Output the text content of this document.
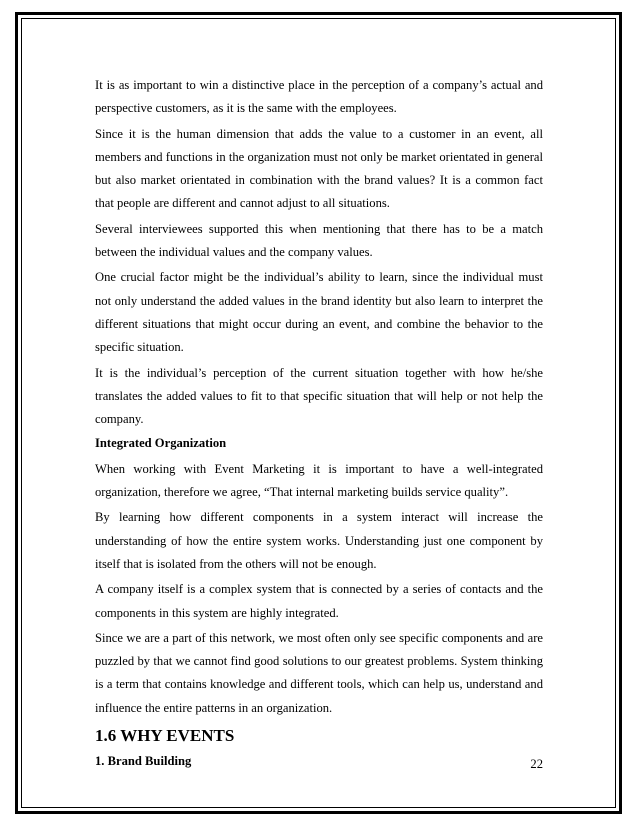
It is as important to win a distinctive place in the perception of a company’s actual and perspective customers, as it is the same with the employees.

Since it is the human dimension that adds the value to a customer in an event, all members and functions in the organization must not only be market orientated in general but also market orientated in combination with the brand values? It is a common fact that people are different and cannot adjust to all situations.

Several interviewees supported this when mentioning that there has to be a match between the individual values and the company values.

One crucial factor might be the individual’s ability to learn, since the individual must not only understand the added values in the brand identity but also learn to interpret the different situations that might occur during an event, and combine the behavior to the specific situation.

It is the individual’s perception of the current situation together with how he/she translates the added values to fit to that specific situation that will help or not help the company.

Integrated Organization

When working with Event Marketing it is important to have a well-integrated organization, therefore we agree, “That internal marketing builds service quality”.

By learning how different components in a system interact will increase the understanding of how the entire system works. Understanding just one component by itself that is isolated from the others will not be enough.

A company itself is a complex system that is connected by a series of contacts and the components in this system are highly integrated.

Since we are a part of this network, we most often only see specific components and are puzzled by that we cannot find good solutions to our greatest problems. System thinking is a term that contains knowledge and different tools, which can help us, understand and influence the entire patterns in an organization.

1.6 WHY EVENTS

1. Brand Building	22
